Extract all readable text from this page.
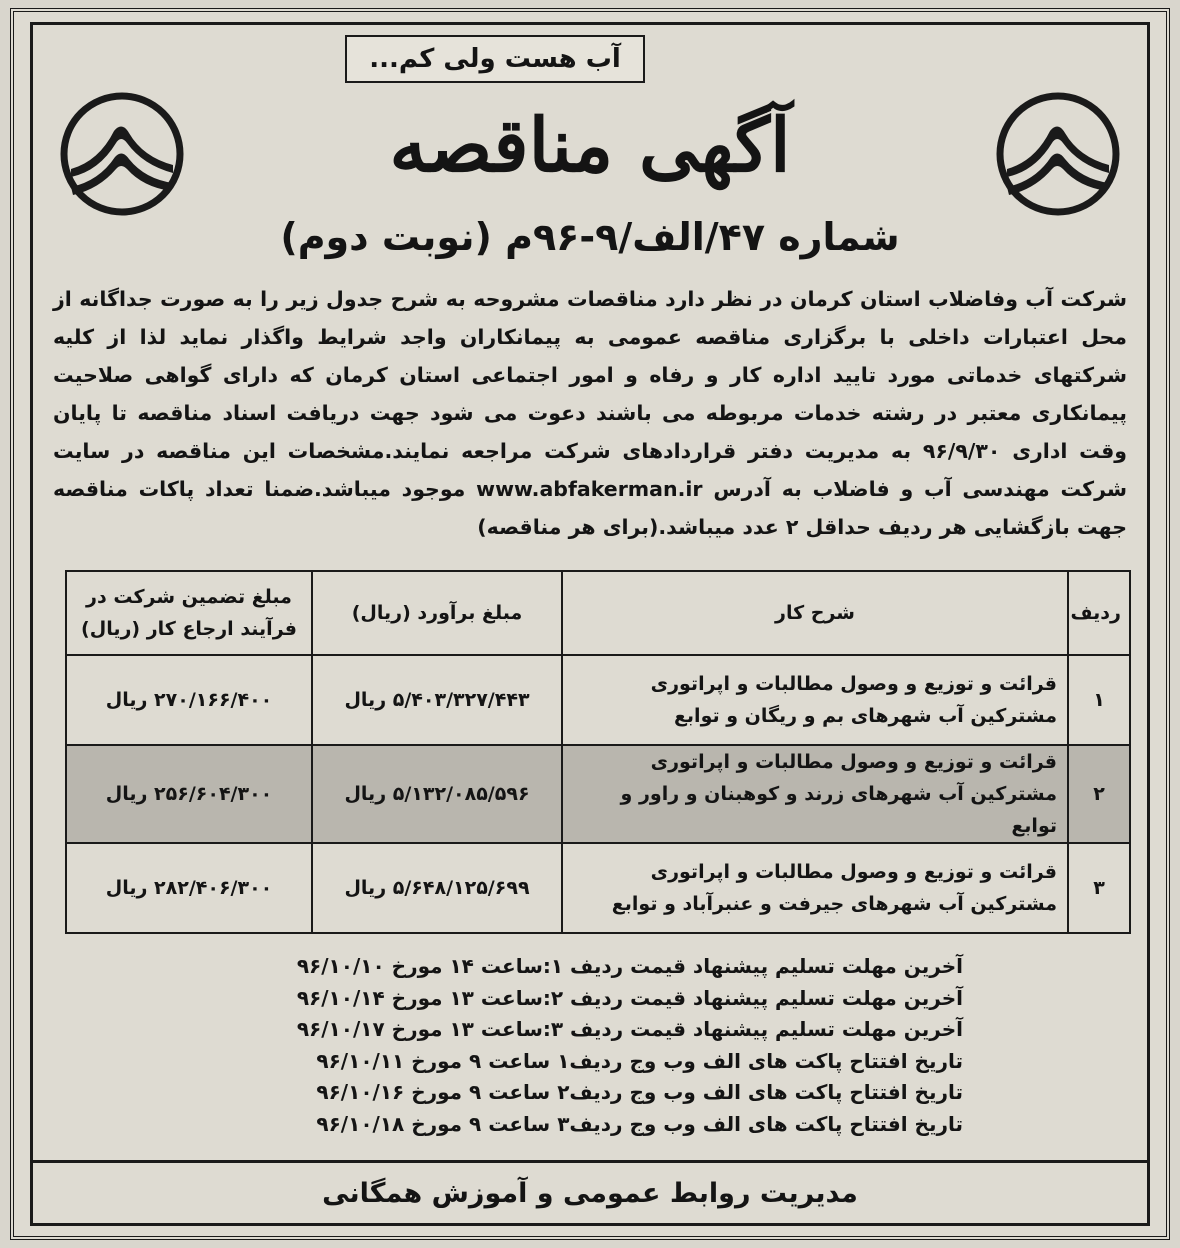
آب هست ولی کم...
آگهی مناقصه
شماره ۴۷/الف/۹-۹۶م (نوبت دوم)
شرکت آب وفاضلاب استان کرمان در نظر دارد مناقصات مشروحه به شرح جدول زیر را به صورت جداگانه از محل اعتبارات داخلی با برگزاری مناقصه عمومی به پیمانکاران واجد شرایط واگذار نماید لذا از کلیه شرکتهای خدماتی مورد تایید اداره کار و رفاه و امور اجتماعی استان کرمان که دارای گواهی صلاحیت پیمانکاری معتبر در رشته خدمات مربوطه می باشند دعوت می شود جهت دریافت اسناد مناقصه تا پایان وقت اداری ۹۶/۹/۳۰ به مدیریت دفتر قراردادهای شرکت مراجعه نمایند.مشخصات این مناقصه در سایت شرکت مهندسی آب و فاضلاب به آدرس www.abfakerman.ir موجود میباشد.ضمنا تعداد پاکات مناقصه جهت بازگشایی هر ردیف حداقل ۲ عدد میباشد.(برای هر مناقصه)
ردیف	شرح کار	مبلغ برآورد (ریال)	مبلغ تضمین شرکت در فرآیند ارجاع کار (ریال)
۱	قرائت و توزیع و وصول مطالبات و اپراتوری
مشترکین آب شهرهای بم و ریگان و توابع	۵/۴۰۳/۳۲۷/۴۴۳ ریال	۲۷۰/۱۶۶/۴۰۰ ریال
۲	قرائت و توزیع و وصول مطالبات و اپراتوری
مشترکین آب شهرهای زرند و کوهبنان و راور و توابع	۵/۱۳۲/۰۸۵/۵۹۶ ریال	۲۵۶/۶۰۴/۳۰۰ ریال
۳	قرائت و توزیع و وصول مطالبات و اپراتوری
مشترکین آب شهرهای جیرفت و عنبرآباد و توابع	۵/۶۴۸/۱۲۵/۶۹۹ ریال	۲۸۲/۴۰۶/۳۰۰ ریال
آخرین مهلت تسلیم پیشنهاد قیمت ردیف ۱:ساعت ۱۴ مورخ ۹۶/۱۰/۱۰
آخرین مهلت تسلیم پیشنهاد قیمت ردیف ۲:ساعت ۱۳ مورخ ۹۶/۱۰/۱۴
آخرین مهلت تسلیم پیشنهاد قیمت ردیف ۳:ساعت ۱۳ مورخ ۹۶/۱۰/۱۷
تاریخ افتتاح پاکت های الف وب وج ردیف۱ ساعت ۹ مورخ ۹۶/۱۰/۱۱
تاریخ افتتاح پاکت های الف وب وج ردیف۲ ساعت ۹ مورخ ۹۶/۱۰/۱۶
تاریخ افتتاح پاکت های الف وب وج ردیف۳ ساعت ۹ مورخ ۹۶/۱۰/۱۸
مدیریت روابط عمومی و آموزش همگانی
